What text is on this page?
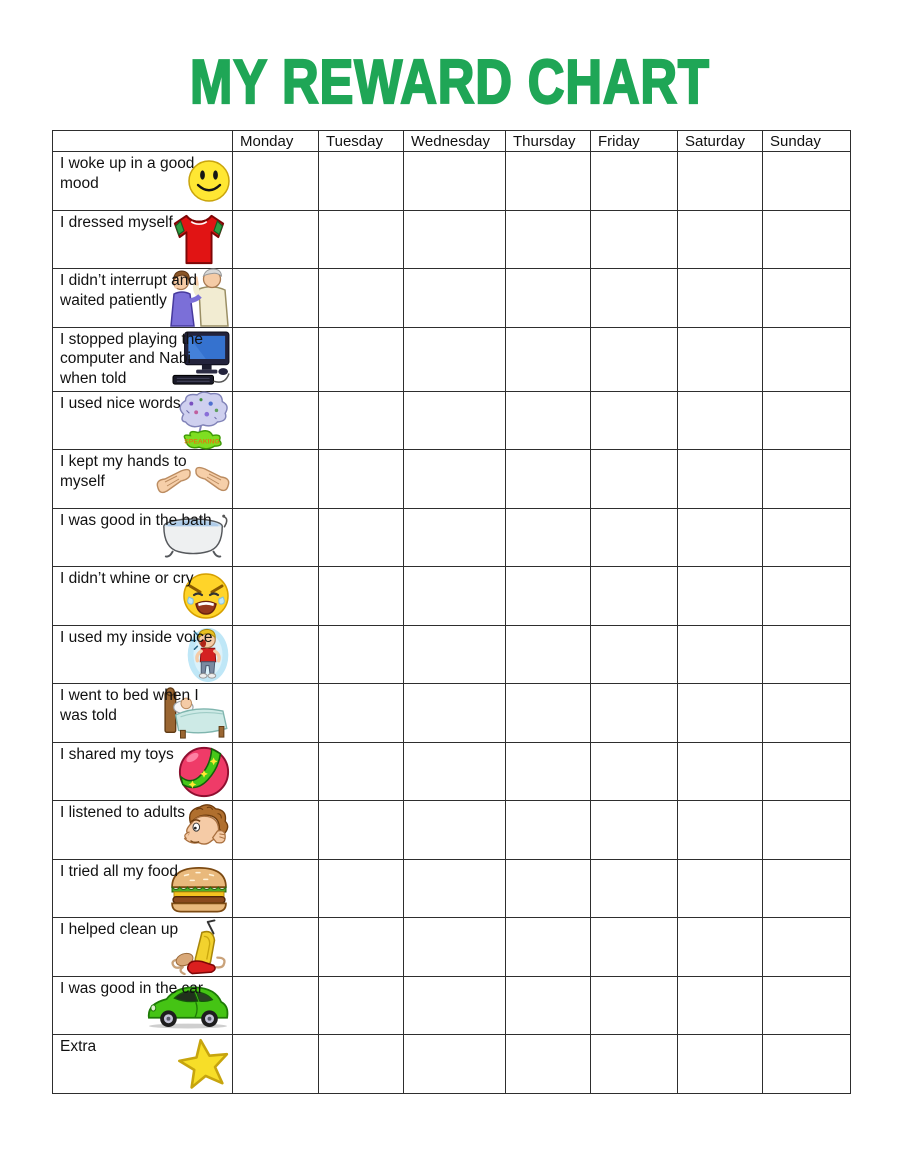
MY REWARD CHART
	Monday	Tuesday	Wednesday	Thursday	Friday	Saturday	Sunday

I woke up in a good mood							

I dressed myself							

I didn’t interrupt and waited patiently							

I stopped playing the computer and Nabi when told							

I used nice words
SPEAKING							

I kept my hands to myself							

I was good in the bath							

I didn’t whine or cry							

I used my inside voice							

I went to bed when I was told							

I shared my toys							

I listened to adults							

I tried all my food							

I helped clean up							

I was good in the car							

Extra							
